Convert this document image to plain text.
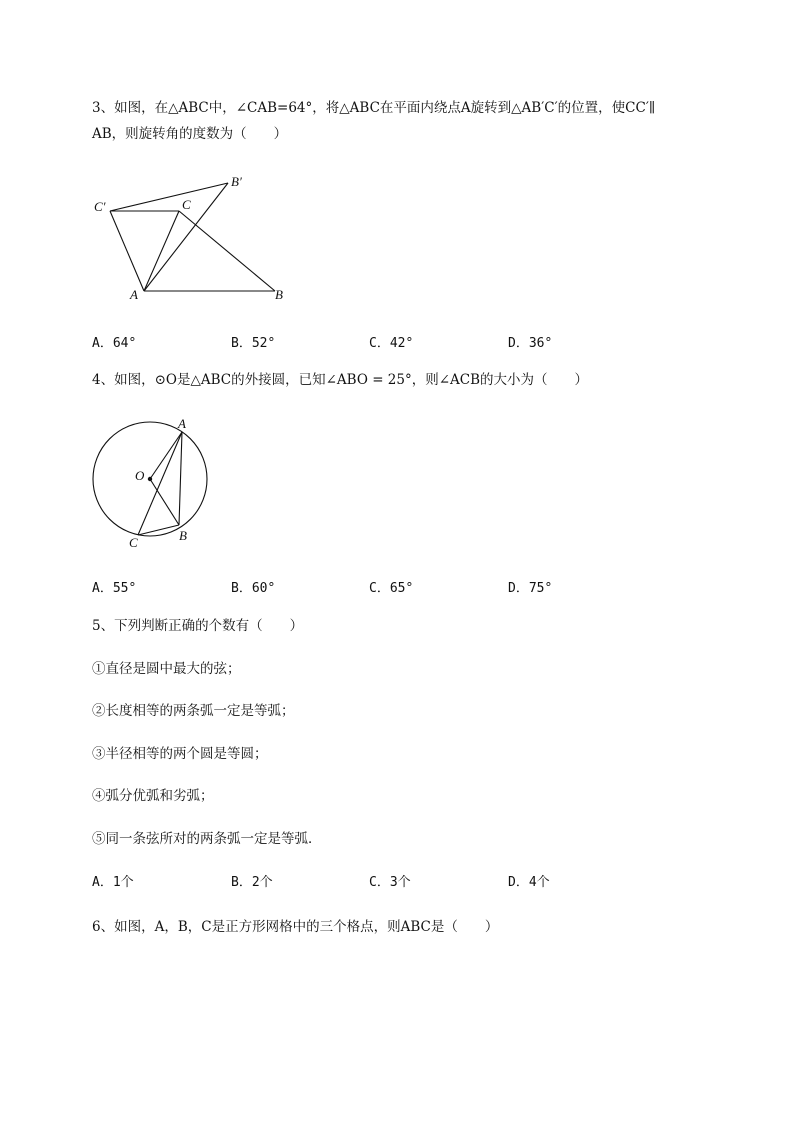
3、如图，在△ABC中，∠CAB=64°，将△ABC在平面内绕点A旋转到△AB′C′的位置，使CC′∥
AB，则旋转角的度数为（　　）
C′	C
B′
A	B
A．64°	B．52°	C．42°	D．36°
4、如图，⊙O是△ABC的外接圆，已知∠ABO = 25°，则∠ACB的大小为（　　）
A
O
B
C
A．55°	B．60°	C．65°	D．75°
5、下列判断正确的个数有（　　）
①直径是圆中最大的弦；
②长度相等的两条弧一定是等弧；
③半径相等的两个圆是等圆；
④弧分优弧和劣弧；
⑤同一条弦所对的两条弧一定是等弧．
A．1个	B．2个	C．3个	D．4个
6、如图，A，B，C是正方形网格中的三个格点，则ABC是（　　）
